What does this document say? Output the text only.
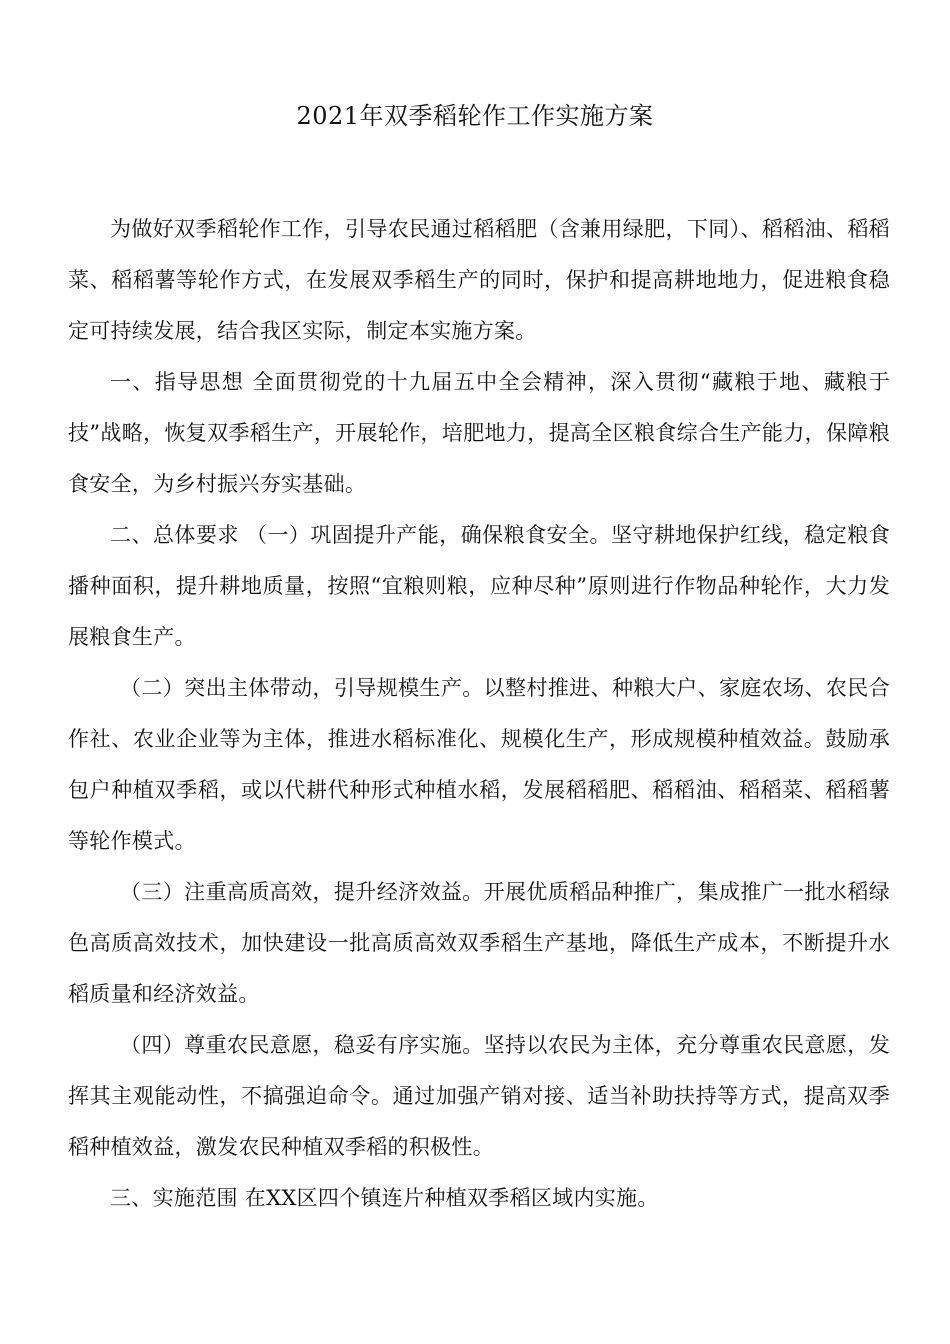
2021年双季稻轮作工作实施方案

为做好双季稻轮作工作，引导农民通过稻稻肥（含兼用绿肥，下同）、稻稻油、稻稻菜、稻稻薯等轮作方式，在发展双季稻生产的同时，保护和提高耕地地力，促进粮食稳定可持续发展，结合我区实际，制定本实施方案。

一、指导思想 全面贯彻党的十九届五中全会精神，深入贯彻“藏粮于地、藏粮于技”战略，恢复双季稻生产，开展轮作，培肥地力，提高全区粮食综合生产能力，保障粮食安全，为乡村振兴夯实基础。

二、总体要求 （一）巩固提升产能，确保粮食安全。坚守耕地保护红线，稳定粮食播种面积，提升耕地质量，按照“宜粮则粮，应种尽种”原则进行作物品种轮作，大力发展粮食生产。

（二）突出主体带动，引导规模生产。以整村推进、种粮大户、家庭农场、农民合作社、农业企业等为主体，推进水稻标准化、规模化生产，形成规模种植效益。鼓励承包户种植双季稻，或以代耕代种形式种植水稻，发展稻稻肥、稻稻油、稻稻菜、稻稻薯等轮作模式。

（三）注重高质高效，提升经济效益。开展优质稻品种推广，集成推广一批水稻绿色高质高效技术，加快建设一批高质高效双季稻生产基地，降低生产成本，不断提升水稻质量和经济效益。

（四）尊重农民意愿，稳妥有序实施。坚持以农民为主体，充分尊重农民意愿，发挥其主观能动性，不搞强迫命令。通过加强产销对接、适当补助扶持等方式，提高双季稻种植效益，激发农民种植双季稻的积极性。

三、实施范围 在XX区四个镇连片种植双季稻区域内实施。
